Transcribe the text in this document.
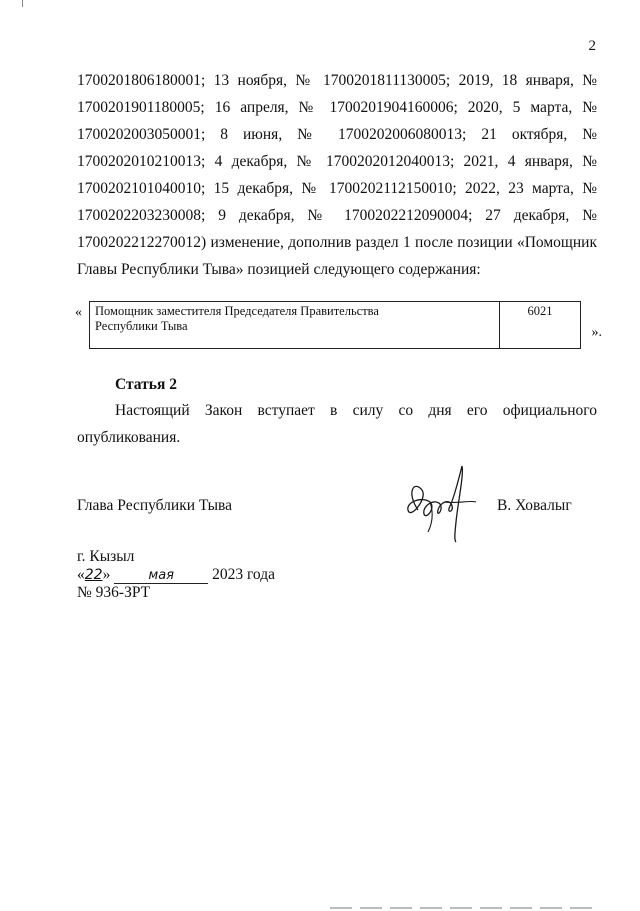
2
1700201806180001; 13 ноября, № 1700201811130005; 2019, 18 января, №
1700201901180005; 16 апреля, № 1700201904160006; 2020, 5 марта, №
1700202003050001; 8 июня, № 1700202006080013; 21 октября, №
1700202010210013; 4 декабря, № 1700202012040013; 2021, 4 января, №
1700202101040010; 15 декабря, № 1700202112150010; 2022, 23 марта, №
1700202203230008; 9 декабря, № 1700202212090004; 27 декабря, №
1700202212270012) изменение, дополнив раздел 1 после позиции «Помощник
Главы Республики Тыва» позицией следующего содержания:
« Помощник заместителя Председателя Правительства
Республики Тыва
	6021
».
Статья 2
Настоящий Закон вступает в силу со дня его официального
опубликования.
Глава Республики Тыва	В. Ховалыг
г. Кызыл
«22»	мая 2023 года
№ 936-ЗРТ
